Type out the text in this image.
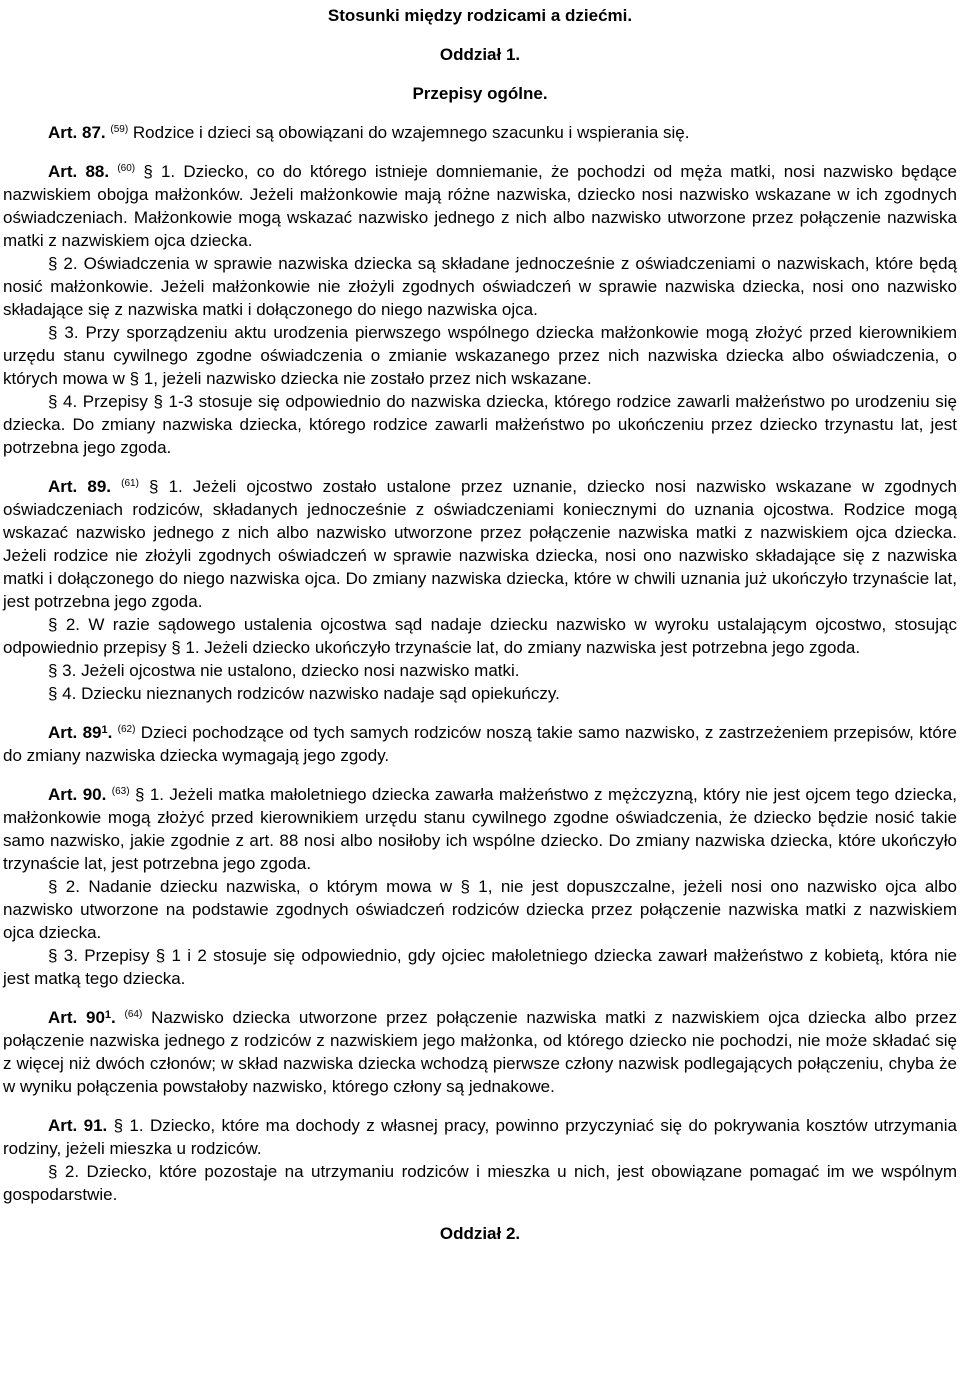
Stosunki między rodzicami a dziećmi.

Oddział 1.

Przepisy ogólne.

Art. 87. $^{(59)}$ Rodzice i dzieci są obowiązani do wzajemnego szacunku i wspierania się.

Art. 88. $^{(60)}$ § 1. Dziecko, co do którego istnieje domniemanie, że pochodzi od męża matki, nosi nazwisko będące nazwiskiem obojga małżonków. Jeżeli małżonkowie mają różne nazwiska, dziecko nosi nazwisko wskazane w ich zgodnych oświadczeniach. Małżonkowie mogą wskazać nazwisko jednego z nich albo nazwisko utworzone przez połączenie nazwiska matki z nazwiskiem ojca dziecka.

§ 2. Oświadczenia w sprawie nazwiska dziecka są składane jednocześnie z oświadczeniami o nazwiskach, które będą nosić małżonkowie. Jeżeli małżonkowie nie złożyli zgodnych oświadczeń w sprawie nazwiska dziecka, nosi ono nazwisko składające się z nazwiska matki i dołączonego do niego nazwiska ojca.

§ 3. Przy sporządzeniu aktu urodzenia pierwszego wspólnego dziecka małżonkowie mogą złożyć przed kierownikiem urzędu stanu cywilnego zgodne oświadczenia o zmianie wskazanego przez nich nazwiska dziecka albo oświadczenia, o których mowa w § 1, jeżeli nazwisko dziecka nie zostało przez nich wskazane.

§ 4. Przepisy § 1-3 stosuje się odpowiednio do nazwiska dziecka, którego rodzice zawarli małżeństwo po urodzeniu się dziecka. Do zmiany nazwiska dziecka, którego rodzice zawarli małżeństwo po ukończeniu przez dziecko trzynastu lat, jest potrzebna jego zgoda.

Art. 89. $^{(61)}$ § 1. Jeżeli ojcostwo zostało ustalone przez uznanie, dziecko nosi nazwisko wskazane w zgodnych oświadczeniach rodziców, składanych jednocześnie z oświadczeniami koniecznymi do uznania ojcostwa. Rodzice mogą wskazać nazwisko jednego z nich albo nazwisko utworzone przez połączenie nazwiska matki z nazwiskiem ojca dziecka. Jeżeli rodzice nie złożyli zgodnych oświadczeń w sprawie nazwiska dziecka, nosi ono nazwisko składające się z nazwiska matki i dołączonego do niego nazwiska ojca. Do zmiany nazwiska dziecka, które w chwili uznania już ukończyło trzynaście lat, jest potrzebna jego zgoda.

§ 2. W razie sądowego ustalenia ojcostwa sąd nadaje dziecku nazwisko w wyroku ustalającym ojcostwo, stosując odpowiednio przepisy § 1. Jeżeli dziecko ukończyło trzynaście lat, do zmiany nazwiska jest potrzebna jego zgoda.

§ 3. Jeżeli ojcostwa nie ustalono, dziecko nosi nazwisko matki.

§ 4. Dziecku nieznanych rodziców nazwisko nadaje sąd opiekuńczy.

Art. $89^1$. $^{(62)}$ Dzieci pochodzące od tych samych rodziców noszą takie samo nazwisko, z zastrzeżeniem przepisów, które do zmiany nazwiska dziecka wymagają jego zgody.

Art. 90. $^{(63)}$ § 1. Jeżeli matka małoletniego dziecka zawarła małżeństwo z mężczyzną, który nie jest ojcem tego dziecka, małżonkowie mogą złożyć przed kierownikiem urzędu stanu cywilnego zgodne oświadczenia, że dziecko będzie nosić takie samo nazwisko, jakie zgodnie z art. 88 nosi albo nosiłoby ich wspólne dziecko. Do zmiany nazwiska dziecka, które ukończyło trzynaście lat, jest potrzebna jego zgoda.

§ 2. Nadanie dziecku nazwiska, o którym mowa w § 1, nie jest dopuszczalne, jeżeli nosi ono nazwisko ojca albo nazwisko utworzone na podstawie zgodnych oświadczeń rodziców dziecka przez połączenie nazwiska matki z nazwiskiem ojca dziecka.

§ 3. Przepisy § 1 i 2 stosuje się odpowiednio, gdy ojciec małoletniego dziecka zawarł małżeństwo z kobietą, która nie jest matką tego dziecka.

Art. $90^1$. $^{(64)}$ Nazwisko dziecka utworzone przez połączenie nazwiska matki z nazwiskiem ojca dziecka albo przez połączenie nazwiska jednego z rodziców z nazwiskiem jego małżonka, od którego dziecko nie pochodzi, nie może składać się z więcej niż dwóch członów; w skład nazwiska dziecka wchodzą pierwsze człony nazwisk podlegających połączeniu, chyba że w wyniku połączenia powstałoby nazwisko, którego człony są jednakowe.

Art. 91. § 1. Dziecko, które ma dochody z własnej pracy, powinno przyczyniać się do pokrywania kosztów utrzymania rodziny, jeżeli mieszka u rodziców.

§ 2. Dziecko, które pozostaje na utrzymaniu rodziców i mieszka u nich, jest obowiązane pomagać im we wspólnym gospodarstwie.

Oddział 2.
